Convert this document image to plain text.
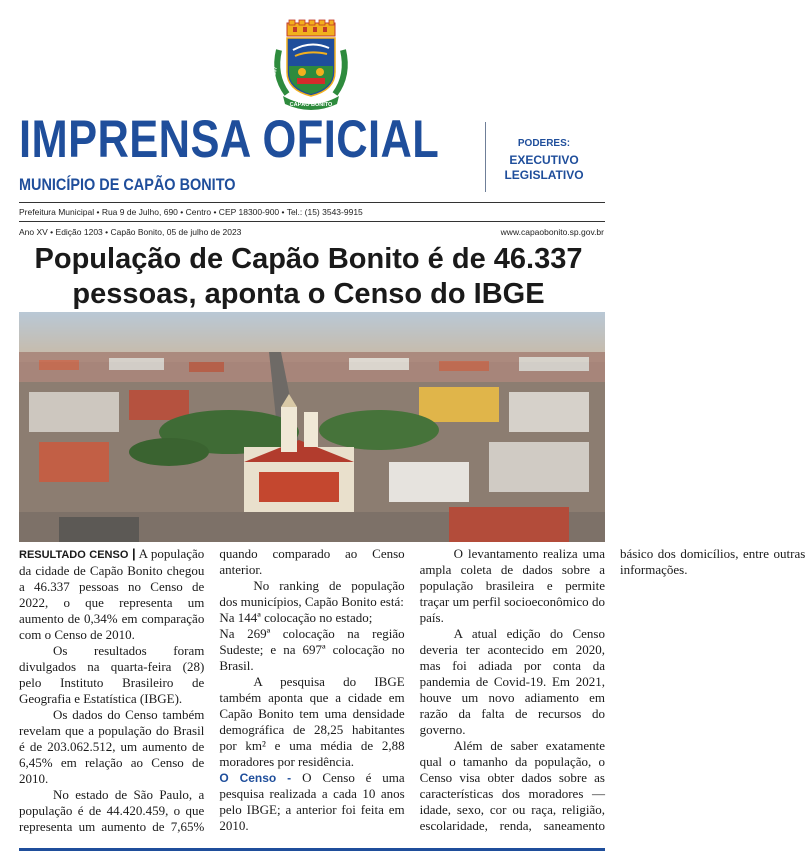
1857	1857
CAPÃO BONITO
IMPRENSA OFICIAL
MUNICÍPIO DE CAPÃO BONITO
PODERES:
EXECUTIVO
LEGISLATIVO
Prefeitura Municipal • Rua 9 de Julho, 690 • Centro • CEP 18300-900 • Tel.: (15) 3543-9915
Ano XV • Edição 1203 • Capão Bonito, 05 de julho de 2023	www.capaobonito.sp.gov.br
População de Capão Bonito é de 46.337
pessoas, aponta o Censo do IBGE

RESULTADO CENSO | A população da cidade de Capão Bonito chegou a 46.337 pessoas no Censo de 2022, o que representa um aumento de 0,34% em comparação com o Censo de 2010.

Os resultados foram divulgados na quarta-feira (28) pelo Instituto Brasileiro de Geografia e Estatística (IBGE).

Os dados do Censo também revelam que a população do Brasil é de 203.062.512, um aumento de 6,45% em relação ao Censo de 2010.

No estado de São Paulo, a população é de 44.420.459, o que representa um aumento de 7,65% quando comparado ao Censo anterior.

No ranking de população dos municípios, Capão Bonito está:

Na 144ª colocação no estado;

Na 269ª colocação na região Sudeste; e na 697ª colocação no Brasil.

A pesquisa do IBGE também aponta que a cidade em Capão Bonito tem uma densidade demográfica de 28,25 habitantes por km² e uma média de 2,88 moradores por residência.

O Censo - O Censo é uma pesquisa realizada a cada 10 anos pelo IBGE; a anterior foi feita em 2010.

O levantamento realiza uma ampla coleta de dados sobre a população brasileira e permite traçar um perfil socioeconômico do país.

A atual edição do Censo deveria ter acontecido em 2020, mas foi adiada por conta da pandemia de Covid-19. Em 2021, houve um novo adiamento em razão da falta de recursos do governo.

Além de saber exatamente qual o tamanho da população, o Censo visa obter dados sobre as características dos moradores — idade, sexo, cor ou raça, religião, escolaridade, renda, saneamento básico dos domicílios, entre outras informações.
